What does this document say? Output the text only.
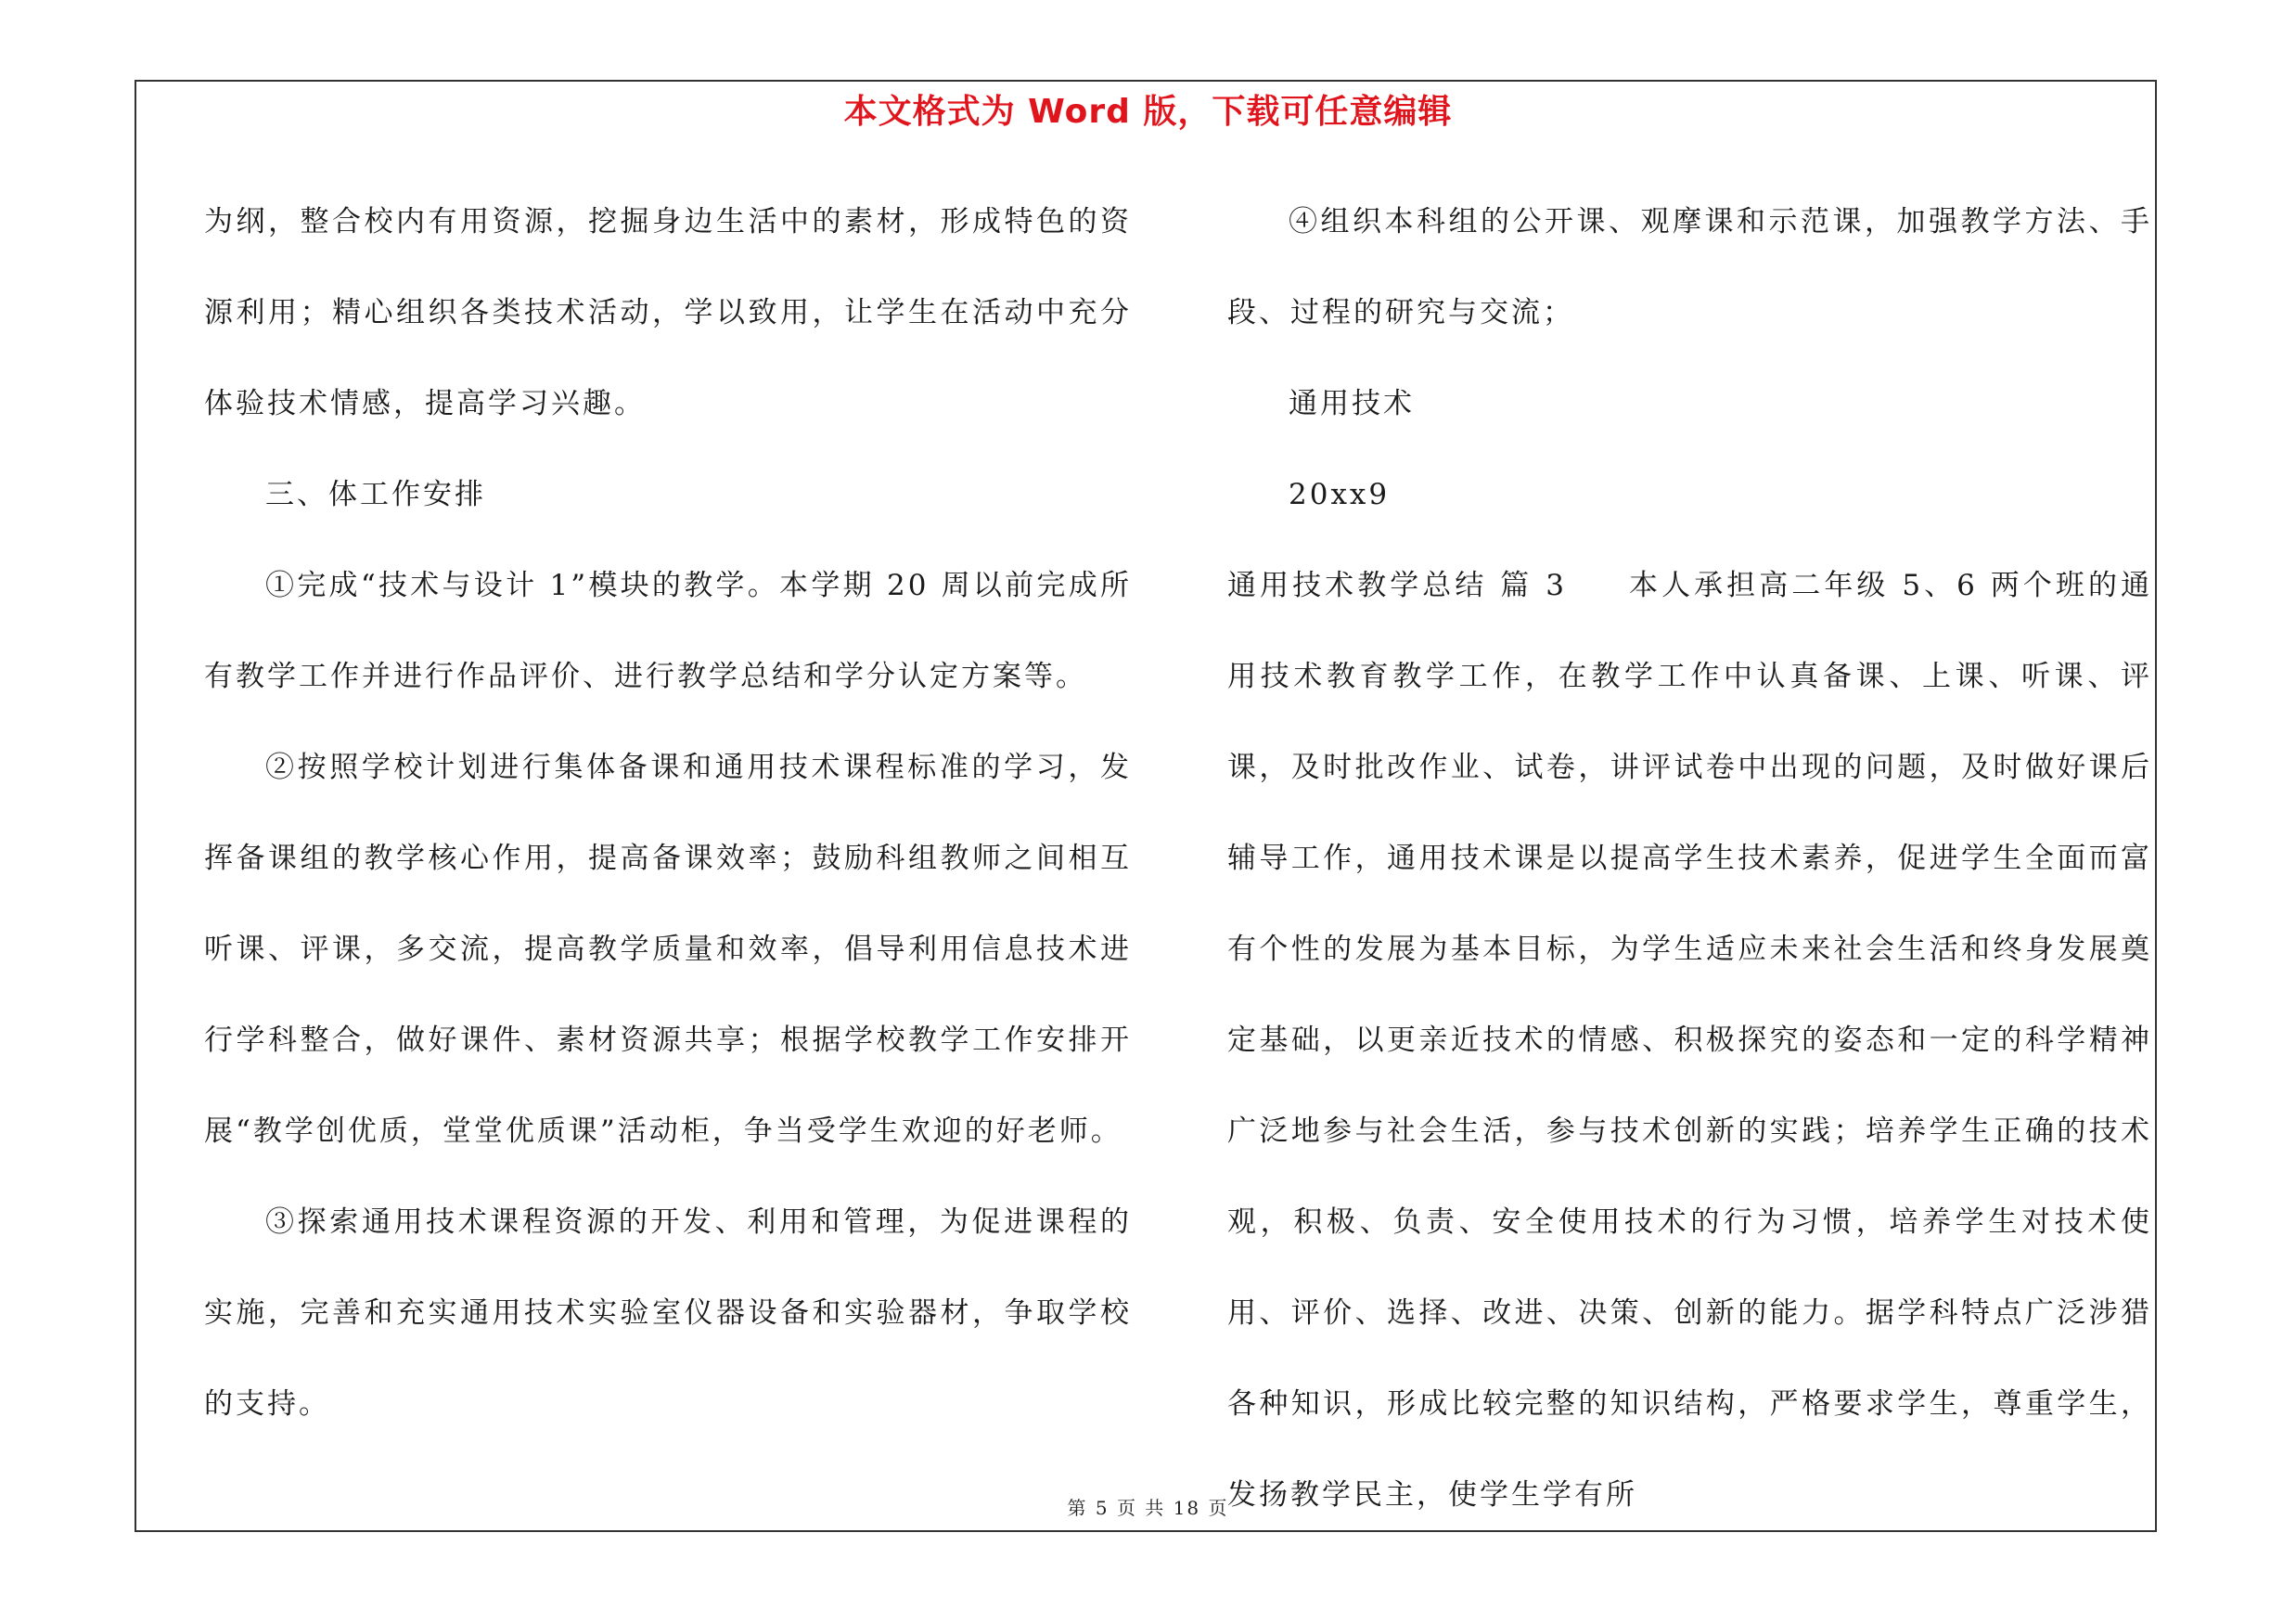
本文格式为 Word 版，下载可任意编辑

为纲，整合校内有用资源，挖掘身边生活中的素材，形成特色的资源利用；精心组织各类技术活动，学以致用，让学生在活动中充分体验技术情感，提高学习兴趣。

三、体工作安排

①完成“技术与设计 1”模块的教学。本学期 20 周以前完成所有教学工作并进行作品评价、进行教学总结和学分认定方案等。

②按照学校计划进行集体备课和通用技术课程标准的学习，发挥备课组的教学核心作用，提高备课效率；鼓励科组教师之间相互听课、评课，多交流，提高教学质量和效率，倡导利用信息技术进行学科整合，做好课件、素材资源共享；根据学校教学工作安排开展“教学创优质，堂堂优质课”活动柜，争当受学生欢迎的好老师。

③探索通用技术课程资源的开发、利用和管理，为促进课程的实施，完善和充实通用技术实验室仪器设备和实验器材，争取学校的支持。

④组织本科组的公开课、观摩课和示范课，加强教学方法、手段、过程的研究与交流；

通用技术

20xx9

通用技术教学总结 篇 3 本人承担高二年级 5、6 两个班的通用技术教育教学工作，在教学工作中认真备课、上课、听课、评课，及时批改作业、试卷，讲评试卷中出现的问题，及时做好课后辅导工作，通用技术课是以提高学生技术素养，促进学生全面而富有个性的发展为基本目标，为学生适应未来社会生活和终身发展奠定基础，以更亲近技术的情感、积极探究的姿态和一定的科学精神广泛地参与社会生活，参与技术创新的实践；培养学生正确的技术观，积极、负责、安全使用技术的行为习惯，培养学生对技术使用、评价、选择、改进、决策、创新的能力。据学科特点广泛涉猎各种知识，形成比较完整的知识结构，严格要求学生，尊重学生，发扬教学民主，使学生学有所

第 5 页 共 18 页
